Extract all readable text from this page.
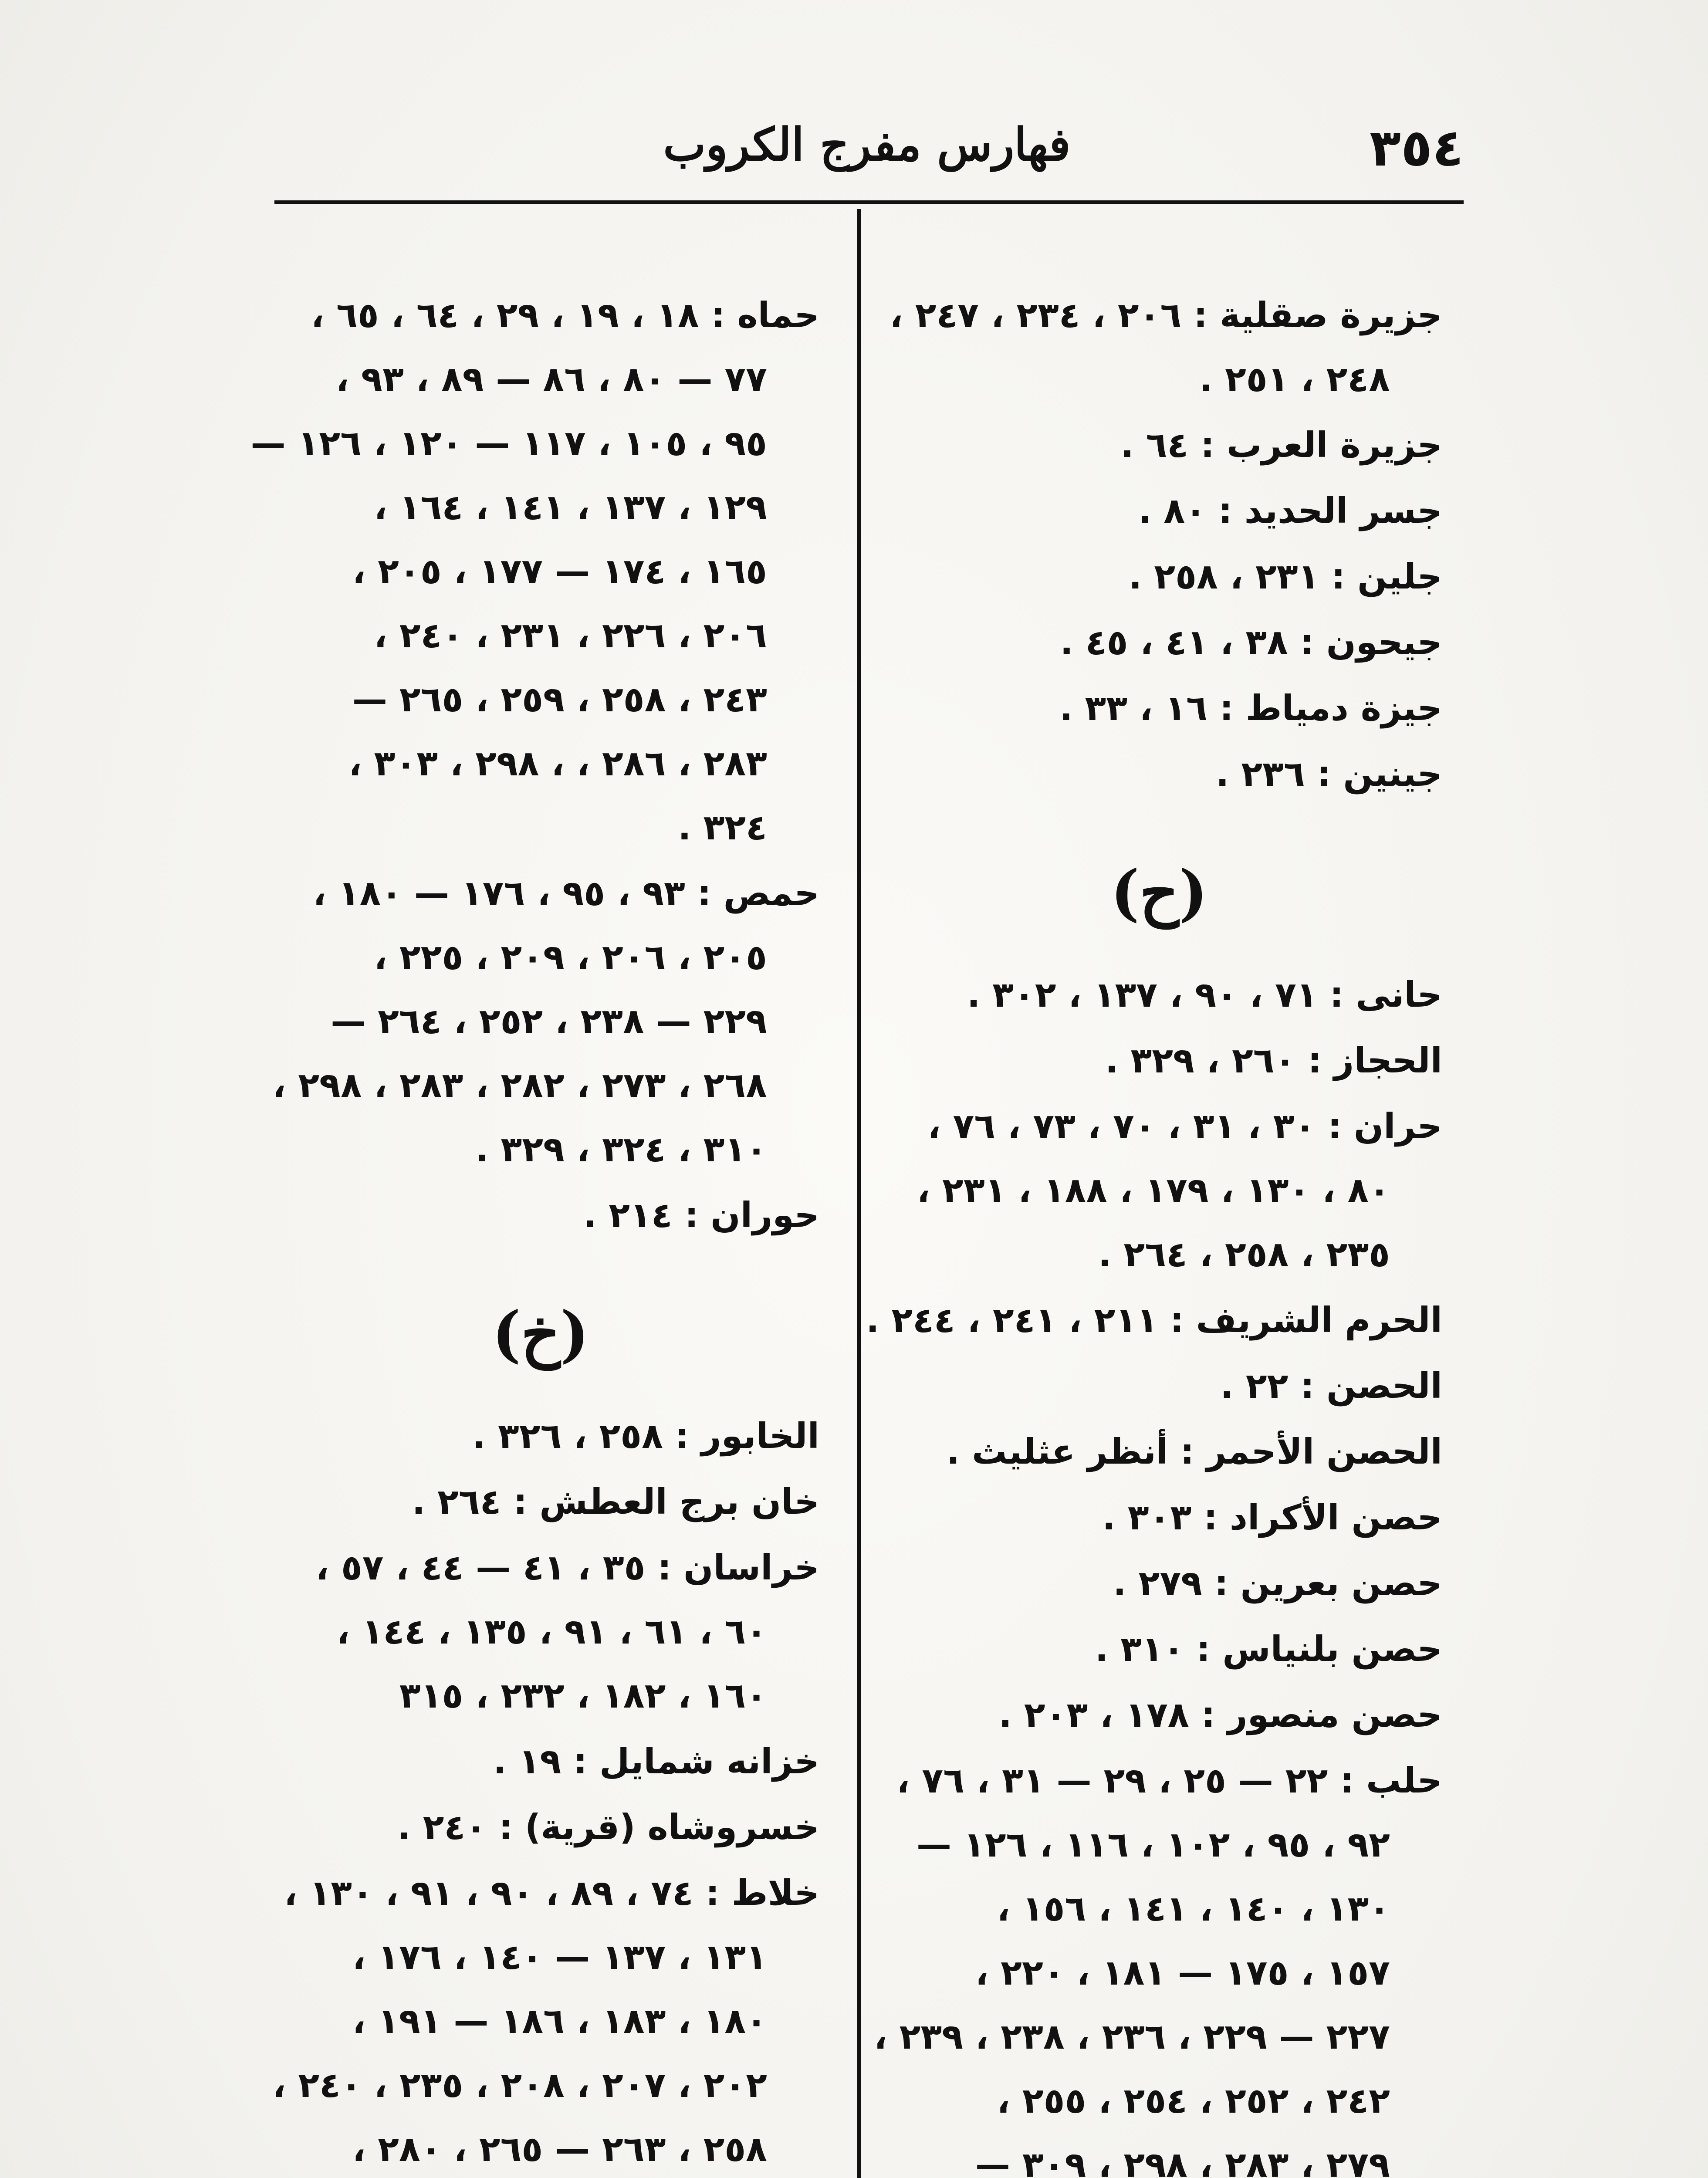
٣٥٤
فهارس مفرج الكروب
جزيرة صقلية : ٢٠٦ ، ٢٣٤ ، ٢٤٧ ،
٢٤٨ ، ٢٥١ .
جزيرة العرب : ٦٤ .
جسر الحديد : ٨٠ .
جلين : ٢٣١ ، ٢٥٨ .
جيحون : ٣٨ ، ٤١ ، ٤٥ .
جيزة دمياط : ١٦ ، ٣٣ .
جينين : ٢٣٦ .
(ح)
حانى : ٧١ ، ٩٠ ، ١٣٧ ، ٣٠٢ .
الحجاز : ٢٦٠ ، ٣٢٩ .
حران : ٣٠ ، ٣١ ، ٧٠ ، ٧٣ ، ٧٦ ،
٨٠ ، ١٣٠ ، ١٧٩ ، ١٨٨ ، ٢٣١ ،
٢٣٥ ، ٢٥٨ ، ٢٦٤ .
الحرم الشريف : ٢١١ ، ٢٤١ ، ٢٤٤ .
الحصن : ٢٢ .
الحصن الأحمر : أنظر عثليث .
حصن الأكراد : ٣٠٣ .
حصن بعرين : ٢٧٩ .
حصن بلنياس : ٣١٠ .
حصن منصور : ١٧٨ ، ٢٠٣ .
حلب : ٢٢ — ٢٥ ، ٢٩ — ٣١ ، ٧٦ ،
٩٢ ، ٩٥ ، ١٠٢ ، ١١٦ ، ١٢٦ —
١٣٠ ، ١٤٠ ، ١٤١ ، ١٥٦ ،
١٥٧ ، ١٧٥ — ١٨١ ، ٢٢٠ ،
٢٢٧ — ٢٢٩ ، ٢٣٦ ، ٢٣٨ ، ٢٣٩ ،
٢٤٢ ، ٢٥٢ ، ٢٥٤ ، ٢٥٥ ،
٢٧٩ ، ٢٨٣ ، ٢٩٨ ، ٣٠٩ —
حماه : ١٨ ، ١٩ ، ٢٩ ، ٦٤ ، ٦٥ ،
٧٧ — ٨٠ ، ٨٦ — ٨٩ ، ٩٣ ،
٩٥ ، ١٠٥ ، ١١٧ — ١٢٠ ، ١٢٦ —
١٢٩ ، ١٣٧ ، ١٤١ ، ١٦٤ ،
١٦٥ ، ١٧٤ — ١٧٧ ، ٢٠٥ ،
٢٠٦ ، ٢٢٦ ، ٢٣١ ، ٢٤٠ ،
٢٤٣ ، ٢٥٨ ، ٢٥٩ ، ٢٦٥ —
٢٨٣ ، ٢٨٦ ، ، ٢٩٨ ، ٣٠٣ ،
٣٢٤ .
حمص : ٩٣ ، ٩٥ ، ١٧٦ — ١٨٠ ،
٢٠٥ ، ٢٠٦ ، ٢٠٩ ، ٢٢٥ ،
٢٢٩ — ٢٣٨ ، ٢٥٢ ، ٢٦٤ —
٢٦٨ ، ٢٧٣ ، ٢٨٢ ، ٢٨٣ ، ٢٩٨ ،
٣١٠ ، ٣٢٤ ، ٣٢٩ .
حوران : ٢١٤ .
(خ)
الخابور : ٢٥٨ ، ٣٢٦ .
خان برج العطش : ٢٦٤ .
خراسان : ٣٥ ، ٤١ — ٤٤ ، ٥٧ ،
٦٠ ، ٦١ ، ٩١ ، ١٣٥ ، ١٤٤ ،
١٦٠ ، ١٨٢ ، ٢٣٢ ، ٣١٥
خزانه شمايل : ١٩ .
خسروشاه (قرية) : ٢٤٠ .
خلاط : ٧٤ ، ٨٩ ، ٩٠ ، ٩١ ، ١٣٠ ،
١٣١ ، ١٣٧ — ١٤٠ ، ١٧٦ ،
١٨٠ ، ١٨٣ ، ١٨٦ — ١٩١ ،
٢٠٢ ، ٢٠٧ ، ٢٠٨ ، ٢٣٥ ، ٢٤٠ ،
٢٥٨ ، ٢٦٣ — ٢٦٥ ، ٢٨٠ ،
